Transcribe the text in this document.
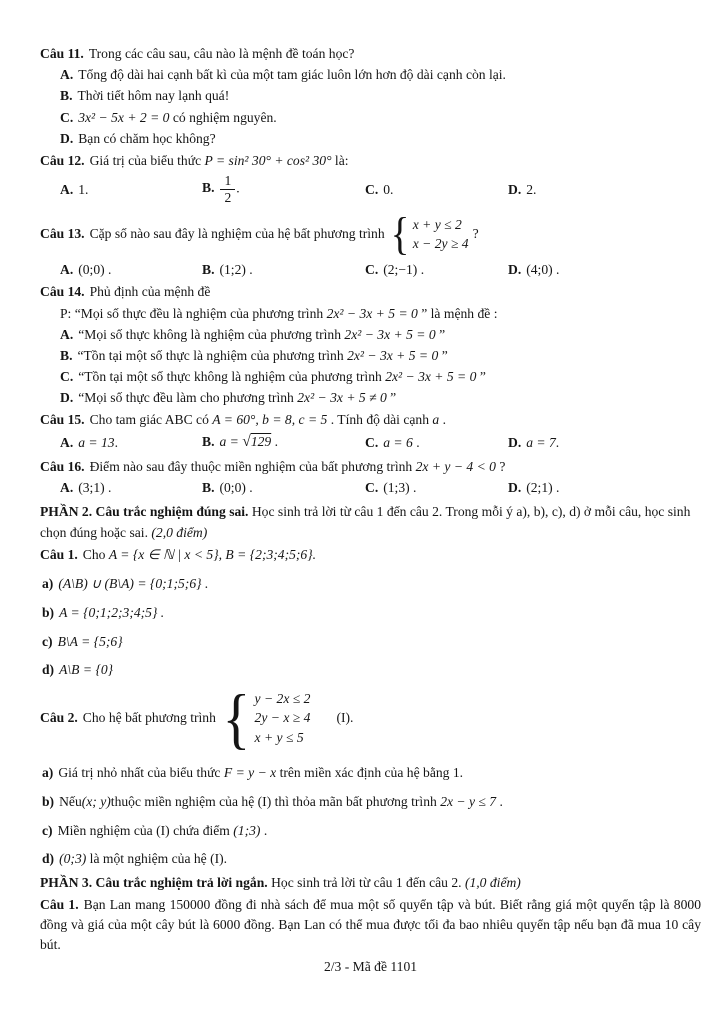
Câu 11. Trong các câu sau, câu nào là mệnh đề toán học?
A. Tổng độ dài hai cạnh bất kì của một tam giác luôn lớn hơn độ dài cạnh còn lại.
B. Thời tiết hôm nay lạnh quá!
C. 3x² − 5x + 2 = 0 có nghiệm nguyên.
D. Bạn có chăm học không?
Câu 12. Giá trị của biểu thức P = sin² 30° + cos² 30° là:
A. 1.	B. $\frac{1}{2}$ .	C. 0.	D. 2.
Câu 13. Cặp số nào sau đây là nghiệm của hệ bất phương trình { x + y ≤ 2
x − 2y ≥ 4
?
A. (0;0) .	B. (1;2) .	C. (2;−1) .	D. (4;0) .
Câu 14. Phủ định của mệnh đề
P: “Mọi số thực đều là nghiệm của phương trình 2x² − 3x + 5 = 0 ” là mệnh đề :
A. “Mọi số thực không là nghiệm của phương trình 2x² − 3x + 5 = 0 ”
B. “Tồn tại một số thực là nghiệm của phương trình 2x² − 3x + 5 = 0 ”
C. “Tồn tại một số thực không là nghiệm của phương trình 2x² − 3x + 5 = 0 ”
D. “Mọi số thực đều làm cho phương trình 2x² − 3x + 5 ≠ 0 ”
Câu 15. Cho tam giác ABC có A = 60°, b = 8, c = 5 . Tính độ dài cạnh a .
A. a = 13.	B. a = √129 .	C. a = 6 .	D. a = 7.
Câu 16. Điểm nào sau đây thuộc miền nghiệm của bất phương trình 2x + y − 4 < 0 ?
A. (3;1) .	B. (0;0) .	C. (1;3) .	D. (2;1) .
PHẦN 2. Câu trắc nghiệm đúng sai. Học sinh trả lời từ câu 1 đến câu 2. Trong mỗi ý a), b), c), d) ở mỗi câu, học sinh chọn đúng hoặc sai. (2,0 điểm)
Câu 1. Cho A = {x ∈ ℕ | x < 5}, B = {2;3;4;5;6}.
a) (A\B) ∪ (B\A) = {0;1;5;6} .
b) A = {0;1;2;3;4;5} .
c) B\A = {5;6}
d) A\B = {0}
Câu 2. Cho hệ bất phương trình { y − 2x ≤ 2
2y − x ≥ 4
x + y ≤ 5
(I).
a) Giá trị nhỏ nhất của biểu thức F = y − x trên miền xác định của hệ bằng 1.
b) Nếu(x; y)thuộc miền nghiệm của hệ (I) thì thỏa mãn bất phương trình 2x − y ≤ 7 .
c) Miền nghiệm của (I) chứa điểm (1;3) .
d) (0;3) là một nghiệm của hệ (I).
PHẦN 3. Câu trắc nghiệm trả lời ngắn. Học sinh trả lời từ câu 1 đến câu 2. (1,0 điểm)
Câu 1. Bạn Lan mang 150000 đồng đi nhà sách để mua một số quyển tập và bút. Biết rằng giá một quyển tập là 8000 đồng và giá của một cây bút là 6000 đồng. Bạn Lan có thể mua được tối đa bao nhiêu quyển tập nếu bạn đã mua 10 cây bút.
2/3 - Mã đề 1101
